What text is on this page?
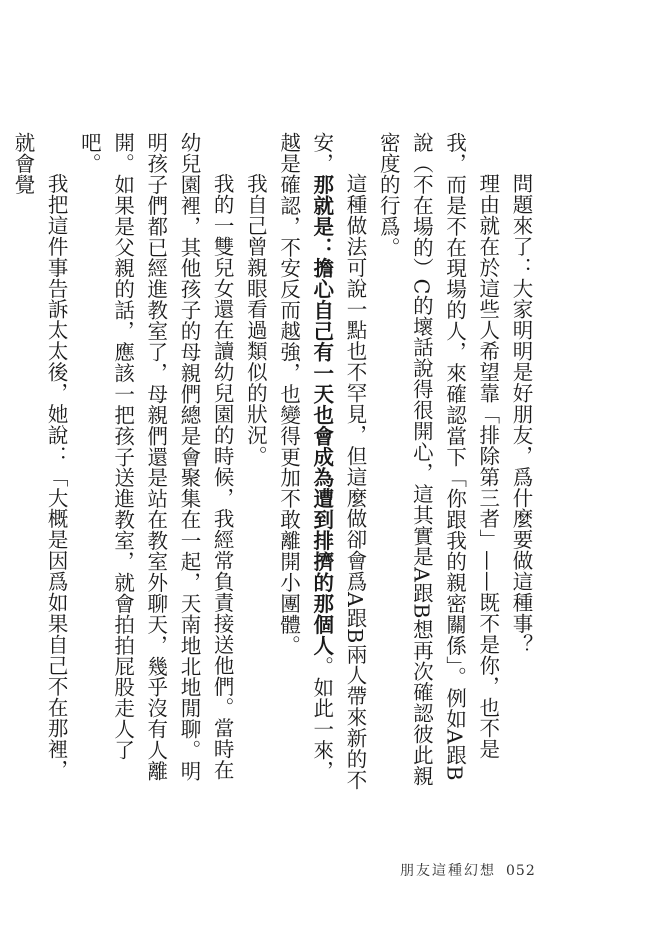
問題來了：大家明明是好朋友，爲什麼要做這種事？

理由就在於這些人希望靠「排除第三者」——既不是你，也不是我，而是不在現場的人，來確認當下「你跟我的親密關係」。例如A跟B說（不在場的）C的壞話說得很開心，這其實是A跟B想再次確認彼此親密度的行爲。

這種做法可說一點也不罕見，但這麼做卻會爲A跟B兩人帶來新的不安，那就是：擔心自己有一天也會成為遭到排擠的那個人。如此一來，越是確認，不安反而越強，也變得更加不敢離開小團體。

我自己曾親眼看過類似的狀況。

我的一雙兒女還在讀幼兒園的時候，我經常負責接送他們。當時在幼兒園裡，其他孩子的母親們總是會聚集在一起，天南地北地閒聊。明明孩子們都已經進教室了，母親們還是站在教室外聊天，幾乎沒有人離開。如果是父親的話，應該一把孩子送進教室，就會拍拍屁股走人了吧。

我把這件事告訴太太後，她說：「大概是因爲如果自己不在那裡，就會覺

朋友這種幻想 052
